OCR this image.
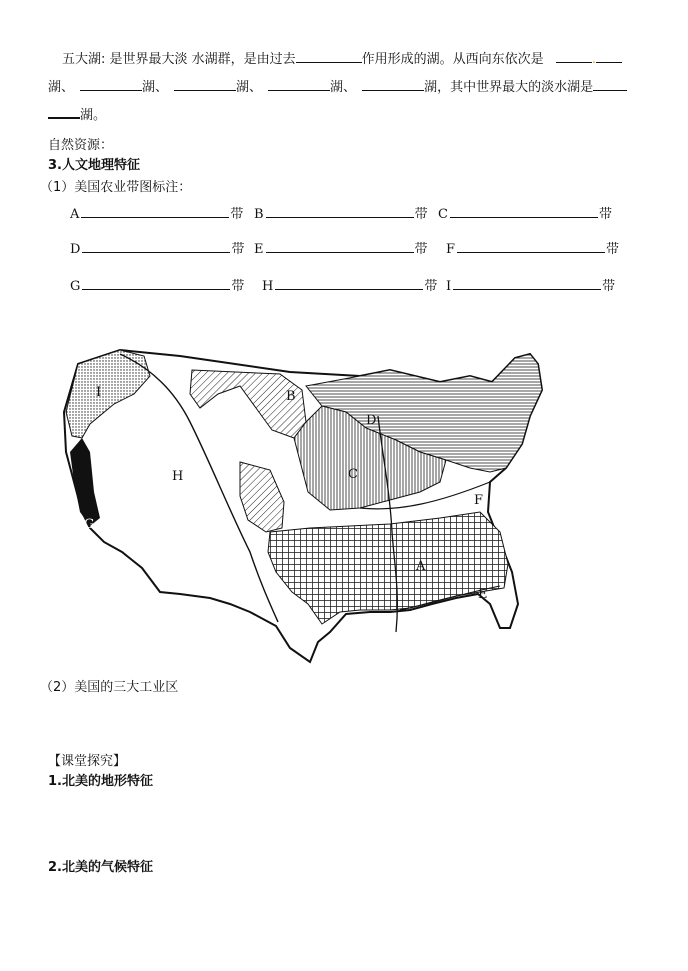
五大湖: 是世界最大淡 水湖群，是由过去	作用形成的湖。从西向东依次是	.
湖、	湖、	湖、	湖、	湖，其中世界最大的淡水湖是
湖。
自然资源：
3.人文地理特征
（1）美国农业带图标注：
A	带 B	带 C	带
D	带 E	带 F	带
G	带 H	带 I	带
I	B
D
C
H
F
G
A
E
（2）美国的三大工业区
【课堂探究】
1.北美的地形特征
2.北美的气候特征
